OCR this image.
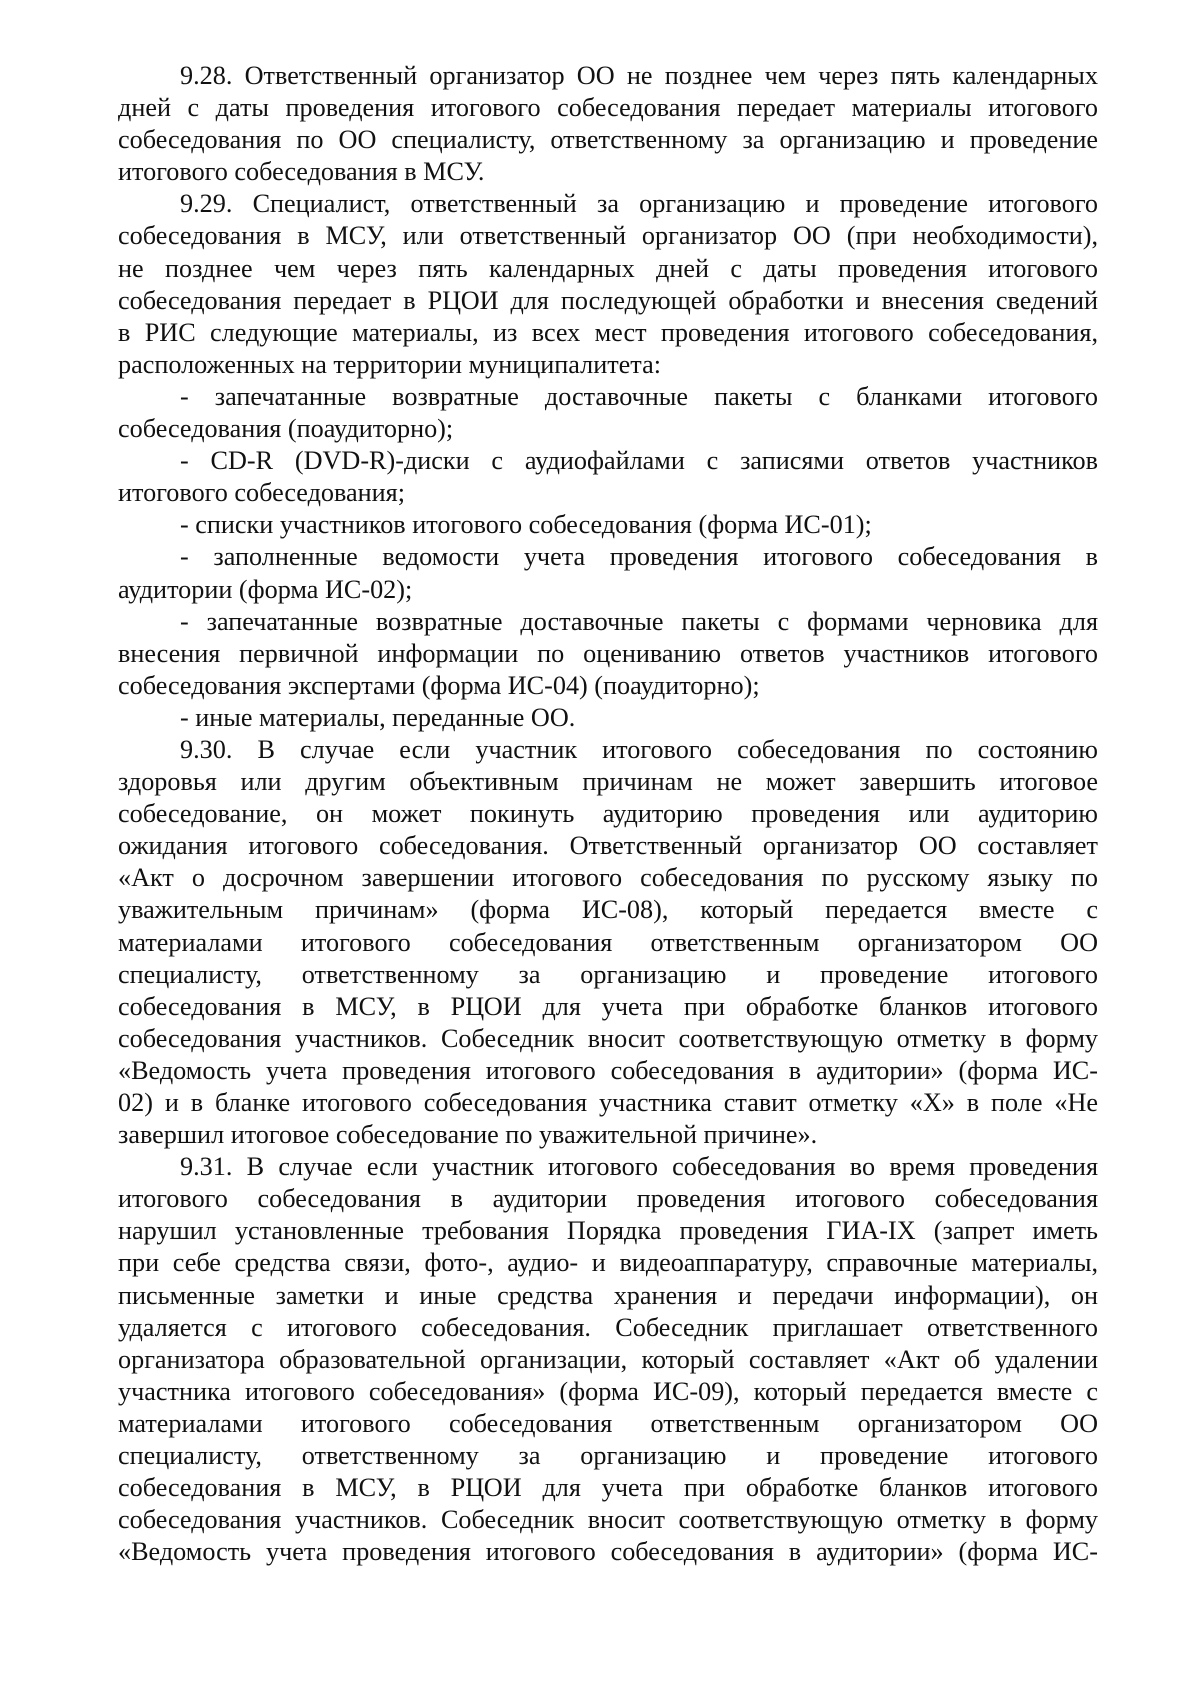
9.28. Ответственный организатор ОО не позднее чем через пять календарных
дней с даты проведения итогового собеседования передает материалы итогового
собеседования по ОО специалисту, ответственному за организацию и проведение
итогового собеседования в МСУ.
9.29. Специалист, ответственный за организацию и проведение итогового
собеседования в МСУ, или ответственный организатор ОО (при необходимости),
не позднее чем через пять календарных дней с даты проведения итогового
собеседования передает в РЦОИ для последующей обработки и внесения сведений
в РИС следующие материалы, из всех мест проведения итогового собеседования,
расположенных на территории муниципалитета:
- запечатанные возвратные доставочные пакеты с бланками итогового
собеседования (поаудиторно);
- CD-R (DVD-R)-диски с аудиофайлами с записями ответов участников
итогового собеседования;
- списки участников итогового собеседования (форма ИС-01);
- заполненные ведомости учета проведения итогового собеседования в
аудитории (форма ИС-02);
- запечатанные возвратные доставочные пакеты с формами черновика для
внесения первичной информации по оцениванию ответов участников итогового
собеседования экспертами (форма ИС-04) (поаудиторно);
- иные материалы, переданные ОО.
9.30. В случае если участник итогового собеседования по состоянию
здоровья или другим объективным причинам не может завершить итоговое
собеседование, он может покинуть аудиторию проведения или аудиторию
ожидания итогового собеседования. Ответственный организатор ОО составляет
«Акт о досрочном завершении итогового собеседования по русскому языку по
уважительным причинам» (форма ИС-08), который передается вместе с
материалами итогового собеседования ответственным организатором ОО
специалисту, ответственному за организацию и проведение итогового
собеседования в МСУ, в РЦОИ для учета при обработке бланков итогового
собеседования участников. Собеседник вносит соответствующую отметку в форму
«Ведомость учета проведения итогового собеседования в аудитории» (форма ИС-
02) и в бланке итогового собеседования участника ставит отметку «Х» в поле «Не
завершил итоговое собеседование по уважительной причине».
9.31. В случае если участник итогового собеседования во время проведения
итогового собеседования в аудитории проведения итогового собеседования
нарушил установленные требования Порядка проведения ГИА-IX (запрет иметь
при себе средства связи, фото-, аудио- и видеоаппаратуру, справочные материалы,
письменные заметки и иные средства хранения и передачи информации), он
удаляется с итогового собеседования. Собеседник приглашает ответственного
организатора образовательной организации, который составляет «Акт об удалении
участника итогового собеседования» (форма ИС-09), который передается вместе с
материалами итогового собеседования ответственным организатором ОО
специалисту, ответственному за организацию и проведение итогового
собеседования в МСУ, в РЦОИ для учета при обработке бланков итогового
собеседования участников. Собеседник вносит соответствующую отметку в форму
«Ведомость учета проведения итогового собеседования в аудитории» (форма ИС-
